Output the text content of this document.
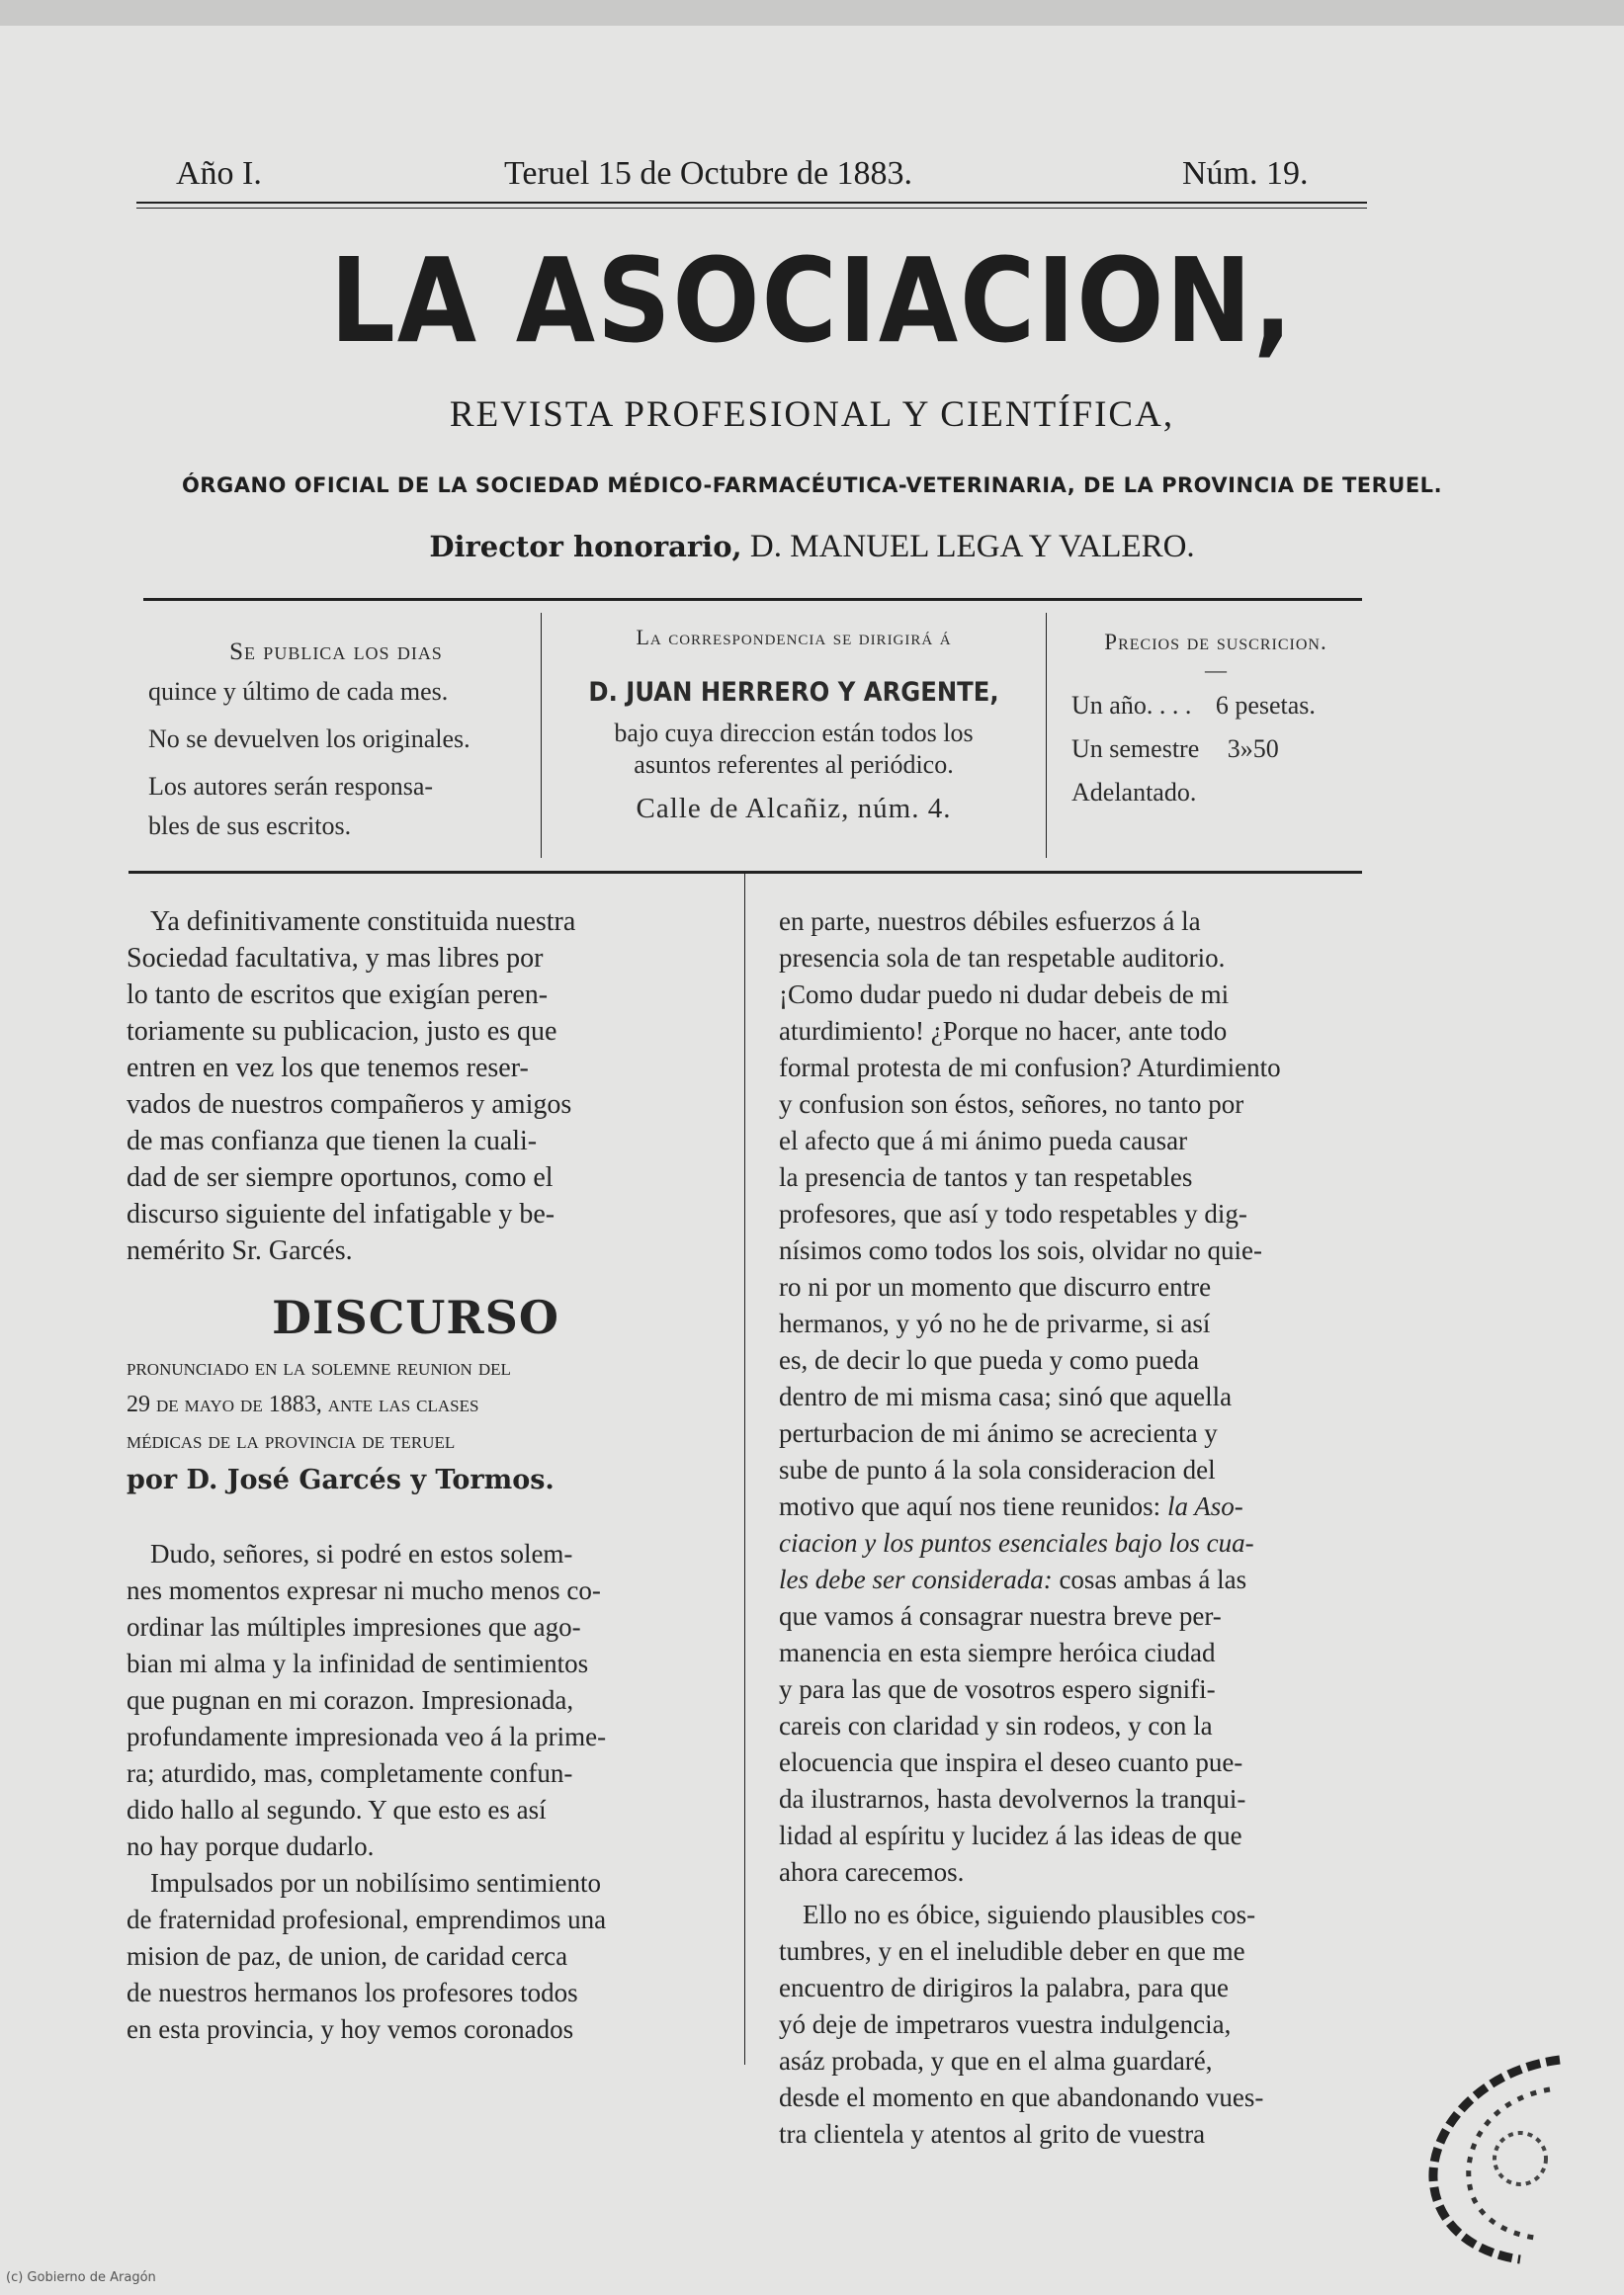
Año I.	Teruel 15 de Octubre de 1883.	Núm. 19.
LA ASOCIACION,
REVISTA PROFESIONAL Y CIENTÍFICA,
ÓRGANO OFICIAL DE LA SOCIEDAD MÉDICO-FARMACÉUTICA-VETERINARIA, DE LA PROVINCIA DE TERUEL.
Director honorario, D. MANUEL LEGA Y VALERO.

Se publica los dias

quince y último de cada mes.

No se devuelven los originales.

Los autores serán responsa-

bles de sus escritos.

La correspondencia se dirigirá á

D. JUAN HERRERO Y ARGENTE,

bajo cuya direccion están todos los

asuntos referentes al periódico.

Calle de Alcañiz, núm. 4.

Precios de suscricion.

—

Un año. . . . 6 pesetas.

Un semestre 3»50

Adelantado.

Ya definitivamente constituida nuestra

Sociedad facultativa, y mas libres por

lo tanto de escritos que exigían peren-

toriamente su publicacion, justo es que

entren en vez los que tenemos reser-

vados de nuestros compañeros y amigos

de mas confianza que tienen la cuali-

dad de ser siempre oportunos, como el

discurso siguiente del infatigable y be-

nemérito Sr. Garcés.

DISCURSO

pronunciado en la solemne reunion del

29 de mayo de 1883, ante las clases

médicas de la provincia de teruel

por D. José Garcés y Tormos.

Dudo, señores, si podré en estos solem-

nes momentos expresar ni mucho menos co-

ordinar las múltiples impresiones que ago-

bian mi alma y la infinidad de sentimientos

que pugnan en mi corazon. Impresionada,

profundamente impresionada veo á la prime-

ra; aturdido, mas, completamente confun-

dido hallo al segundo. Y que esto es así

no hay porque dudarlo.

Impulsados por un nobilísimo sentimiento

de fraternidad profesional, emprendimos una

mision de paz, de union, de caridad cerca

de nuestros hermanos los profesores todos

en esta provincia, y hoy vemos coronados

en parte, nuestros débiles esfuerzos á la

presencia sola de tan respetable auditorio.

¡Como dudar puedo ni dudar debeis de mi

aturdimiento! ¿Porque no hacer, ante todo

formal protesta de mi confusion? Aturdimiento

y confusion son éstos, señores, no tanto por

el afecto que á mi ánimo pueda causar

la presencia de tantos y tan respetables

profesores, que así y todo respetables y dig-

nísimos como todos los sois, olvidar no quie-

ro ni por un momento que discurro entre

hermanos, y yó no he de privarme, si así

es, de decir lo que pueda y como pueda

dentro de mi misma casa; sinó que aquella

perturbacion de mi ánimo se acrecienta y

sube de punto á la sola consideracion del

motivo que aquí nos tiene reunidos: la Aso-

ciacion y los puntos esenciales bajo los cua-

les debe ser considerada: cosas ambas á las

que vamos á consagrar nuestra breve per-

manencia en esta siempre heróica ciudad

y para las que de vosotros espero signifi-

careis con claridad y sin rodeos, y con la

elocuencia que inspira el deseo cuanto pue-

da ilustrarnos, hasta devolvernos la tranqui-

lidad al espíritu y lucidez á las ideas de que

ahora carecemos.

Ello no es óbice, siguiendo plausibles cos-

tumbres, y en el ineludible deber en que me

encuentro de dirigiros la palabra, para que

yó deje de impetraros vuestra indulgencia,

asáz probada, y que en el alma guardaré,

desde el momento en que abandonando vues-

tra clientela y atentos al grito de vuestra

(c) Gobierno de Aragón
